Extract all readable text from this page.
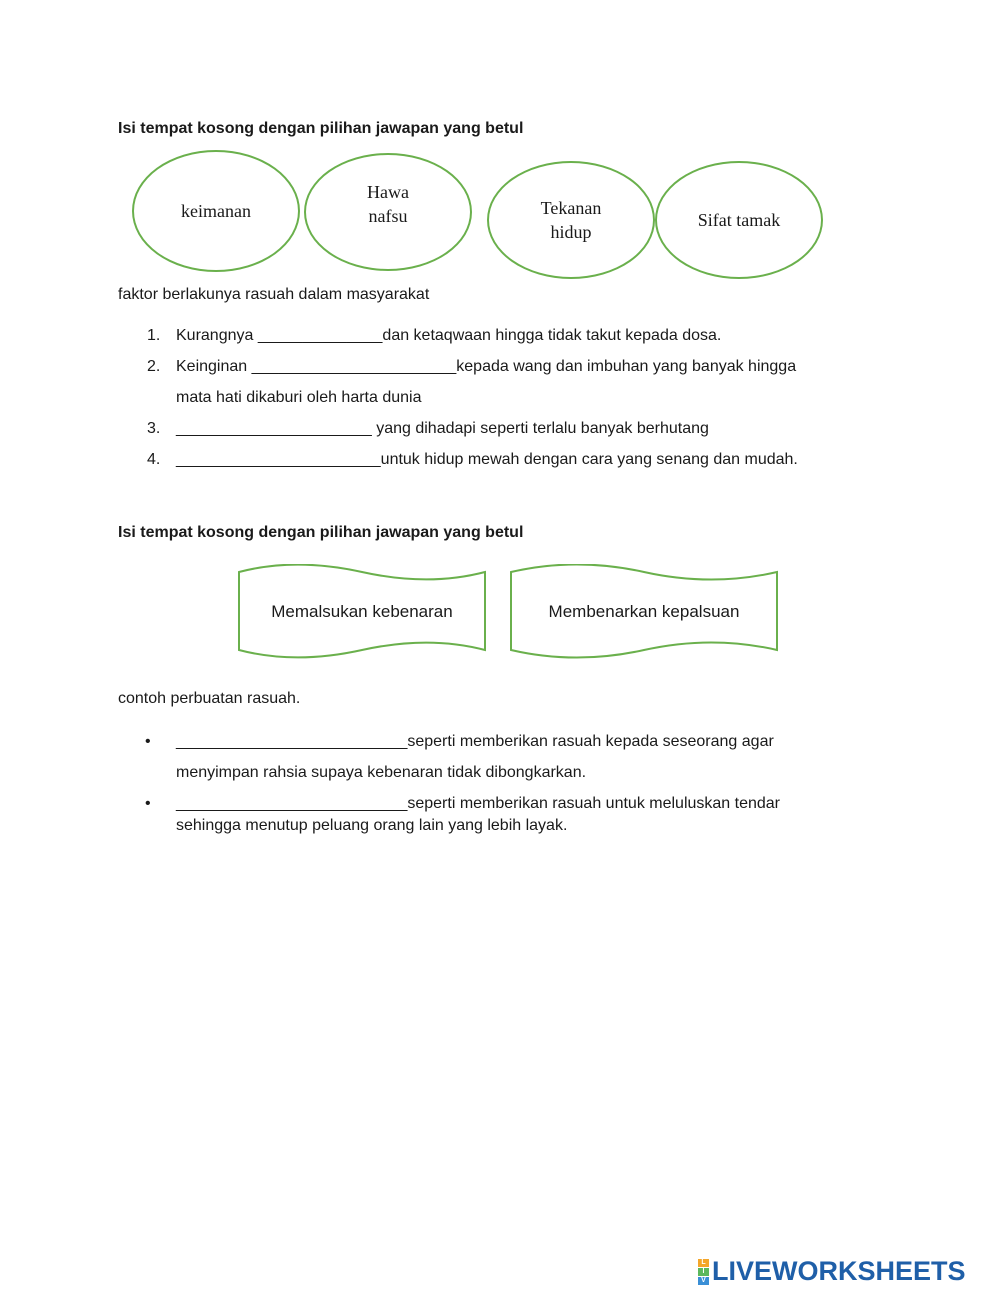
Isi tempat kosong dengan pilihan jawapan yang betul
keimanan
Hawa
nafsu	Tekanan
hidup
Sifat tamak
faktor berlakunya rasuah dalam masyarakat
1. Kurangnya ______________dan ketaqwaan hingga tidak takut kepada dosa.
2. Keinginan _______________________kepada wang dan imbuhan yang banyak hingga
mata hati dikaburi oleh harta dunia
3. ______________________ yang dihadapi seperti terlalu banyak berhutang
4. _______________________untuk hidup mewah dengan cara yang senang dan mudah.
Isi tempat kosong dengan pilihan jawapan yang betul
Memalsukan kebenaran	Membenarkan kepalsuan
contoh perbuatan rasuah.
• __________________________seperti memberikan rasuah kepada seseorang agar
menyimpan rahsia supaya kebenaran tidak dibongkarkan.
• __________________________seperti memberikan rasuah untuk meluluskan tendar
sehingga menutup peluang orang lain yang lebih layak.
L
I
V LIVEWORKSHEETS
